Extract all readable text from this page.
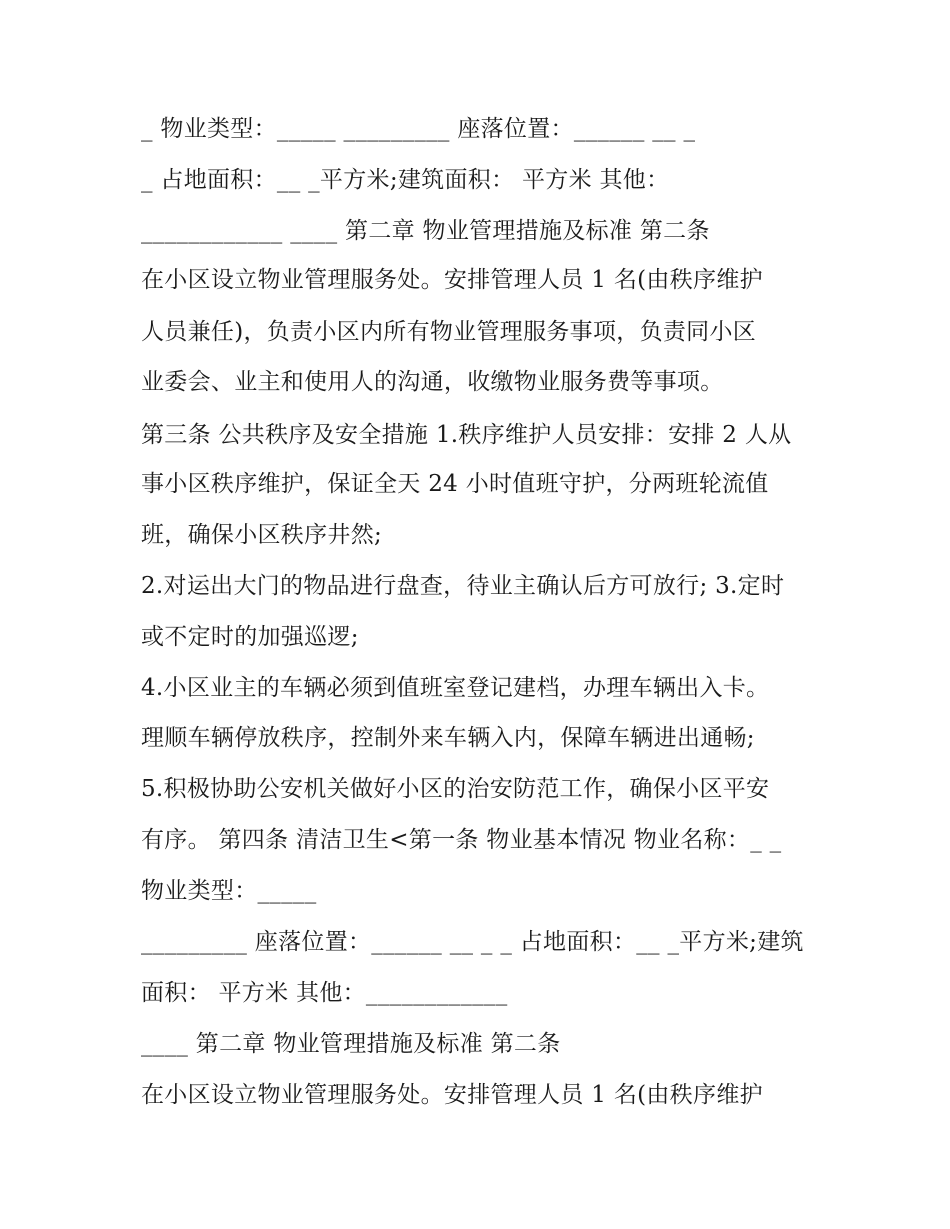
_ 物业类型：_____ _________ 座落位置：______ __ _
_ 占地面积：__ _平方米;建筑面积： 平方米 其他：
____________ ____ 第二章 物业管理措施及标准 第二条
在小区设立物业管理服务处。安排管理人员 1 名(由秩序维护
人员兼任)，负责小区内所有物业管理服务事项，负责同小区
业委会、业主和使用人的沟通，收缴物业服务费等事项。
第三条 公共秩序及安全措施 1.秩序维护人员安排：安排 2 人从
事小区秩序维护，保证全天 24 小时值班守护，分两班轮流值
班，确保小区秩序井然;
2.对运出大门的物品进行盘查，待业主确认后方可放行; 3.定时
或不定时的加强巡逻;
4.小区业主的车辆必须到值班室登记建档，办理车辆出入卡。
理顺车辆停放秩序，控制外来车辆入内，保障车辆进出通畅;
5.积极协助公安机关做好小区的治安防范工作，确保小区平安
有序。 第四条 清洁卫生<第一条 物业基本情况 物业名称：_ _
物业类型：_____
_________ 座落位置：______ __ _ _ 占地面积：__ _平方米;建筑
面积： 平方米 其他：____________
____ 第二章 物业管理措施及标准 第二条
在小区设立物业管理服务处。安排管理人员 1 名(由秩序维护
